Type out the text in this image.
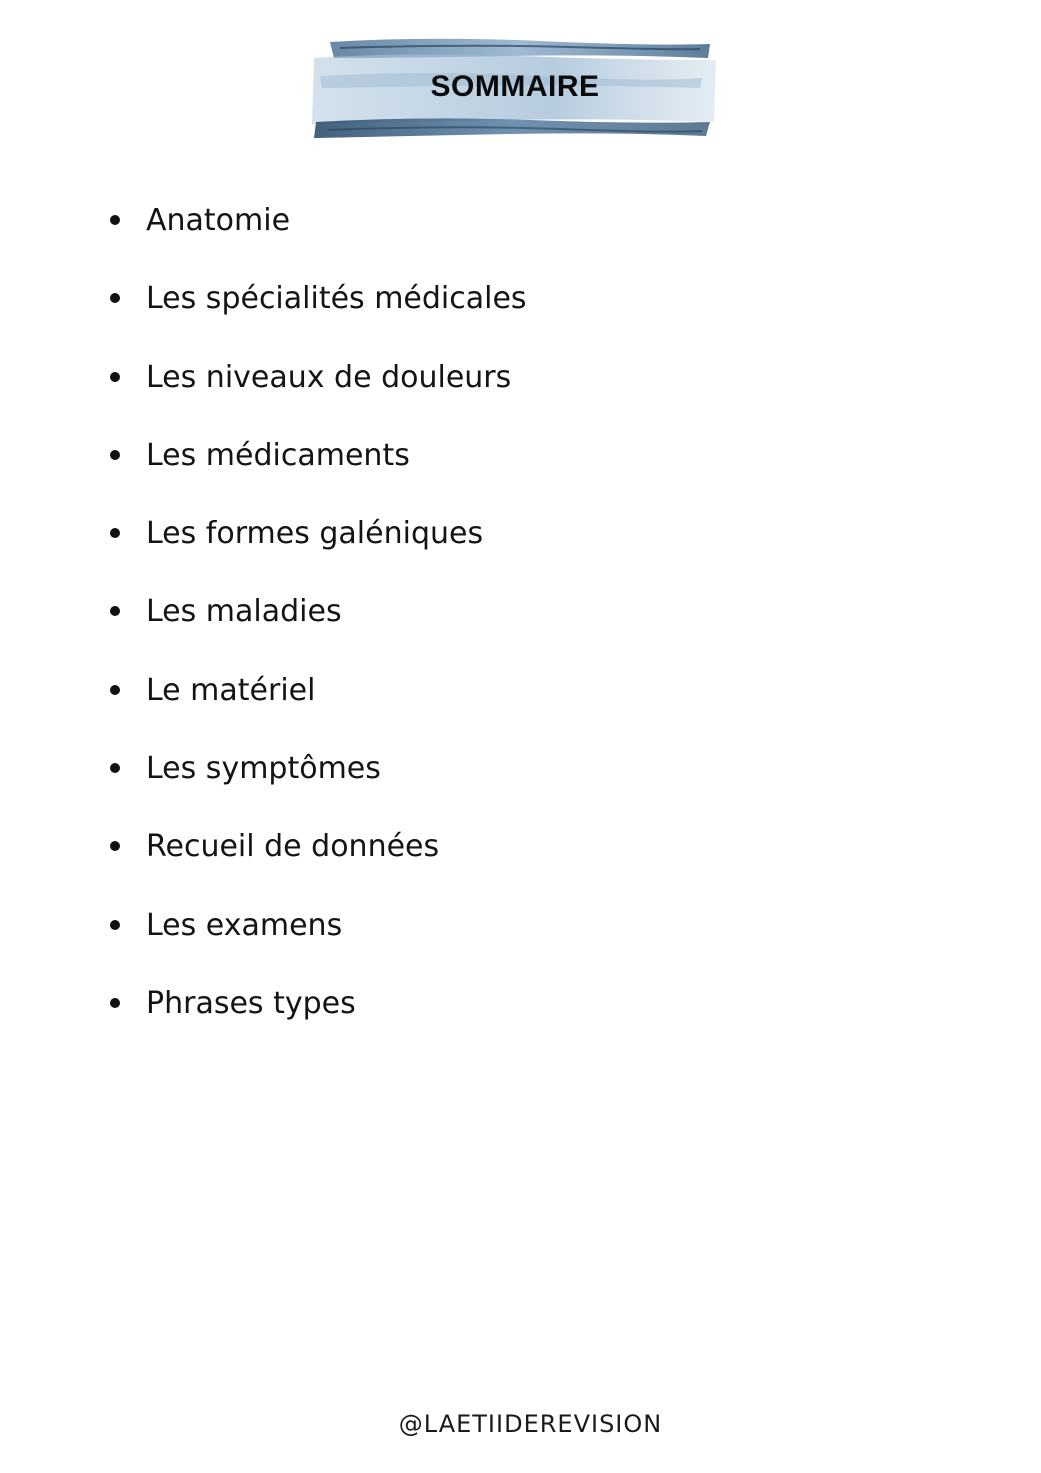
SOMMAIRE
Anatomie
Les spécialités médicales
Les niveaux de douleurs
Les médicaments
Les formes galéniques
Les maladies
Le matériel
Les symptômes
Recueil de données
Les examens
Phrases types
@LAETIIDEREVISION
